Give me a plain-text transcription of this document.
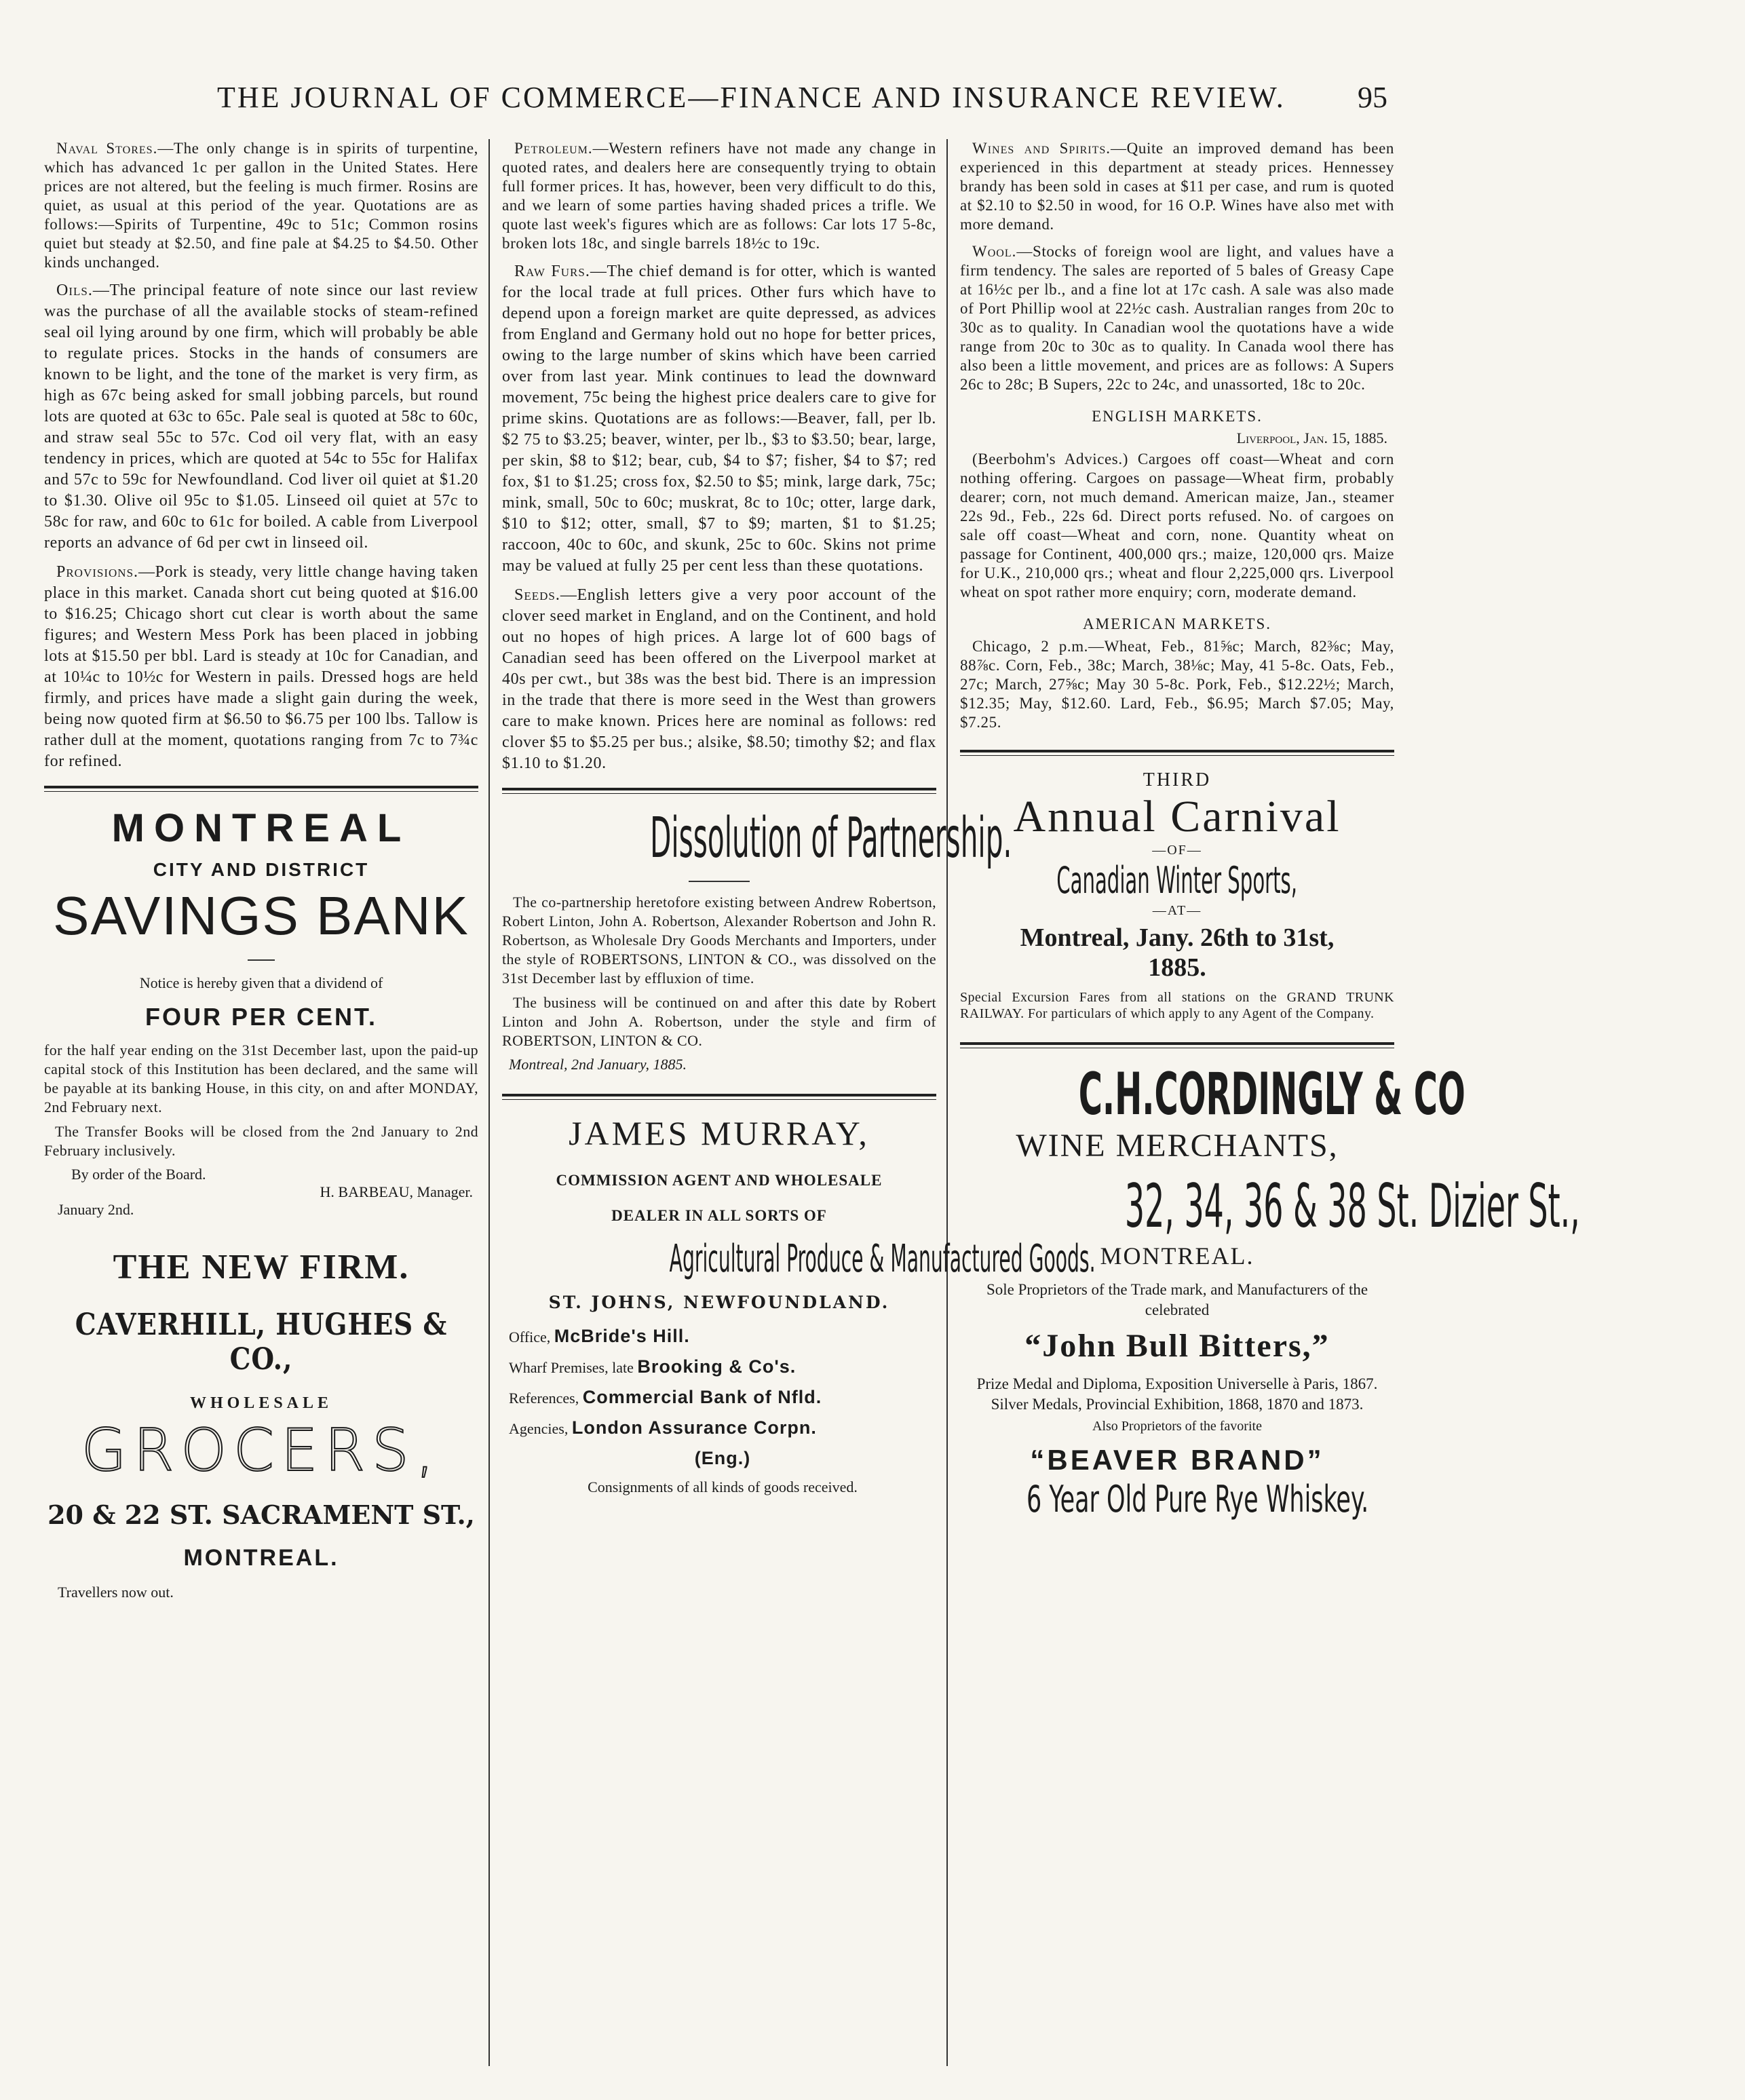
THE JOURNAL OF COMMERCE—FINANCE AND INSURANCE REVIEW. 95

Naval Stores.—The only change is in spirits of turpentine, which has advanced 1c per gallon in the United States. Here prices are not altered, but the feeling is much firmer. Rosins are quiet, as usual at this period of the year. Quotations are as follows:—Spirits of Turpentine, 49c to 51c; Common rosins quiet but steady at $2.50, and fine pale at $4.25 to $4.50. Other kinds unchanged.

Oils.—The principal feature of note since our last review was the purchase of all the available stocks of steam-refined seal oil lying around by one firm, which will probably be able to regulate prices. Stocks in the hands of consumers are known to be light, and the tone of the market is very firm, as high as 67c being asked for small jobbing parcels, but round lots are quoted at 63c to 65c. Pale seal is quoted at 58c to 60c, and straw seal 55c to 57c. Cod oil very flat, with an easy tendency in prices, which are quoted at 54c to 55c for Halifax and 57c to 59c for Newfoundland. Cod liver oil quiet at $1.20 to $1.30. Olive oil 95c to $1.05. Linseed oil quiet at 57c to 58c for raw, and 60c to 61c for boiled. A cable from Liverpool reports an advance of 6d per cwt in linseed oil.

Provisions.—Pork is steady, very little change having taken place in this market. Canada short cut being quoted at $16.00 to $16.25; Chicago short cut clear is worth about the same figures; and Western Mess Pork has been placed in jobbing lots at $15.50 per bbl. Lard is steady at 10c for Canadian, and at 10¼c to 10½c for Western in pails. Dressed hogs are held firmly, and prices have made a slight gain during the week, being now quoted firm at $6.50 to $6.75 per 100 lbs. Tallow is rather dull at the moment, quotations ranging from 7c to 7¾c for refined.

MONTREAL
CITY AND DISTRICT
SAVINGS BANK
Notice is hereby given that a dividend of
FOUR PER CENT.

for the half year ending on the 31st December last, upon the paid-up capital stock of this Institution has been declared, and the same will be payable at its banking House, in this city, on and after MONDAY, 2nd February next.

The Transfer Books will be closed from the 2nd January to 2nd February inclusively.

By order of the Board.
H. BARBEAU, Manager.
January 2nd.
THE NEW FIRM.
CAVERHILL, HUGHES & CO.,
WHOLESALE
GROCERS,
20 & 22 ST. SACRAMENT ST.,
MONTREAL.
Travellers now out.

Petroleum.—Western refiners have not made any change in quoted rates, and dealers here are consequently trying to obtain full former prices. It has, however, been very difficult to do this, and we learn of some parties having shaded prices a trifle. We quote last week's figures which are as follows: Car lots 17 5-8c, broken lots 18c, and single barrels 18½c to 19c.

Raw Furs.—The chief demand is for otter, which is wanted for the local trade at full prices. Other furs which have to depend upon a foreign market are quite depressed, as advices from England and Germany hold out no hope for better prices, owing to the large number of skins which have been carried over from last year. Mink continues to lead the downward movement, 75c being the highest price dealers care to give for prime skins. Quotations are as follows:—Beaver, fall, per lb. $2 75 to $3.25; beaver, winter, per lb., $3 to $3.50; bear, large, per skin, $8 to $12; bear, cub, $4 to $7; fisher, $4 to $7; red fox, $1 to $1.25; cross fox, $2.50 to $5; mink, large dark, 75c; mink, small, 50c to 60c; muskrat, 8c to 10c; otter, large dark, $10 to $12; otter, small, $7 to $9; marten, $1 to $1.25; raccoon, 40c to 60c, and skunk, 25c to 60c. Skins not prime may be valued at fully 25 per cent less than these quotations.

Seeds.—English letters give a very poor account of the clover seed market in England, and on the Continent, and hold out no hopes of high prices. A large lot of 600 bags of Canadian seed has been offered on the Liverpool market at 40s per cwt., but 38s was the best bid. There is an impression in the trade that there is more seed in the West than growers care to make known. Prices here are nominal as follows: red clover $5 to $5.25 per bus.; alsike, $8.50; timothy $2; and flax $1.10 to $1.20.

Dissolution of Partnership.

The co-partnership heretofore existing between Andrew Robertson, Robert Linton, John A. Robertson, Alexander Robertson and John R. Robertson, as Wholesale Dry Goods Merchants and Importers, under the style of ROBERTSONS, LINTON & CO., was dissolved on the 31st December last by effluxion of time.

The business will be continued on and after this date by Robert Linton and John A. Robertson, under the style and firm of ROBERTSON, LINTON & CO.

Montreal, 2nd January, 1885.
JAMES MURRAY,
COMMISSION AGENT AND WHOLESALE
DEALER IN ALL SORTS OF
Agricultural Produce & Manufactured Goods.
ST. JOHNS, NEWFOUNDLAND.

Office, McBride's Hill.

Wharf Premises, late Brooking & Co's.

References, Commercial Bank of Nfld.

Agencies, London Assurance Corpn.

(Eng.)

Consignments of all kinds of goods received.

Wines and Spirits.—Quite an improved demand has been experienced in this department at steady prices. Hennessey brandy has been sold in cases at $11 per case, and rum is quoted at $2.10 to $2.50 in wood, for 16 O.P. Wines have also met with more demand.

Wool.—Stocks of foreign wool are light, and values have a firm tendency. The sales are reported of 5 bales of Greasy Cape at 16½c per lb., and a fine lot at 17c cash. A sale was also made of Port Phillip wool at 22½c cash. Australian ranges from 20c to 30c as to quality. In Canadian wool the quotations have a wide range from 20c to 30c as to quality. In Canada wool there has also been a little movement, and prices are as follows: A Supers 26c to 28c; B Supers, 22c to 24c, and unassorted, 18c to 20c.

ENGLISH MARKETS.
Liverpool, Jan. 15, 1885.

(Beerbohm's Advices.) Cargoes off coast—Wheat and corn nothing offering. Cargoes on passage—Wheat firm, probably dearer; corn, not much demand. American maize, Jan., steamer 22s 9d., Feb., 22s 6d. Direct ports refused. No. of cargoes on sale off coast—Wheat and corn, none. Quantity wheat on passage for Continent, 400,000 qrs.; maize, 120,000 qrs. Maize for U.K., 210,000 qrs.; wheat and flour 2,225,000 qrs. Liverpool wheat on spot rather more enquiry; corn, moderate demand.

AMERICAN MARKETS.

Chicago, 2 p.m.—Wheat, Feb., 81⅝c; March, 82⅜c; May, 88⅞c. Corn, Feb., 38c; March, 38⅛c; May, 41 5-8c. Oats, Feb., 27c; March, 27⅝c; May 30 5-8c. Pork, Feb., $12.22½; March, $12.35; May, $12.60. Lard, Feb., $6.95; March $7.05; May, $7.25.

THIRD
Annual Carnival
—OF—
Canadian Winter Sports,
—AT—
Montreal, Jany. 26th to 31st,
1885.

Special Excursion Fares from all stations on the GRAND TRUNK RAILWAY. For particulars of which apply to any Agent of the Company.

C.H.CORDINGLY & CO
WINE MERCHANTS,
32, 34, 36 & 38 St. Dizier St.,
MONTREAL.

Sole Proprietors of the Trade mark, and Manufacturers of the celebrated

“John Bull Bitters,”

Prize Medal and Diploma, Exposition Universelle à Paris, 1867. Silver Medals, Provincial Exhibition, 1868, 1870 and 1873.

Also Proprietors of the favorite
“BEAVER BRAND”
6 Year Old Pure Rye Whiskey.
